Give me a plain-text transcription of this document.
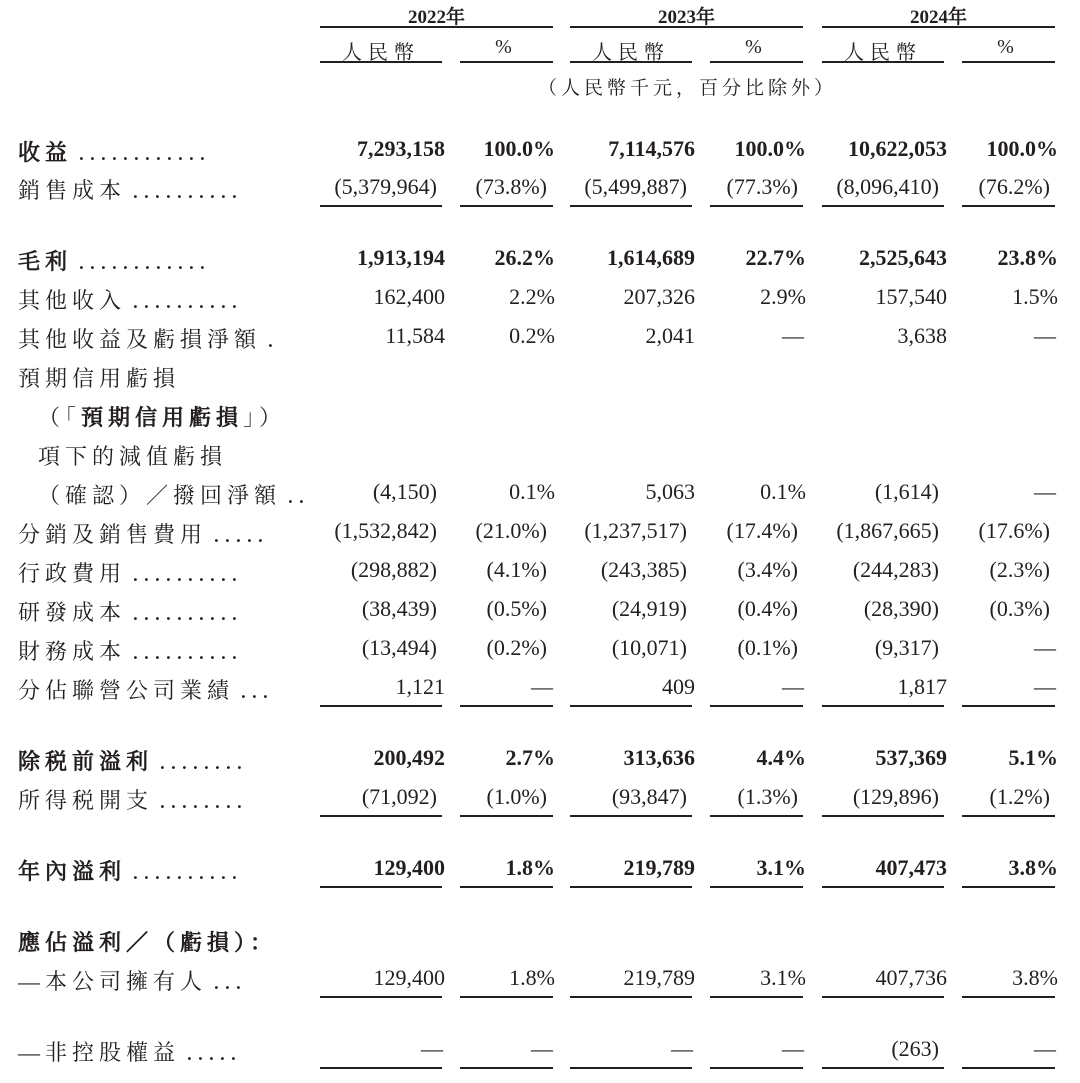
2022年	2023年	2024年
人民幣	%	人民幣	%	人民幣	%
（人民幣千元，百分比除外）
收益 ．．．．．．．．．．．．	7,293,158 100.0% 7,114,576 100.0% 10,622,053 100.0%
銷售成本 ．．．．．．．．．．	(5,379,964) (73.8%) (5,499,887) (77.3%) (8,096,410) (76.2%)
毛利 ．．．．．．．．．．．．	1,913,194 26.2% 1,614,689 22.7% 2,525,643 23.8%
其他收入 ．．．．．．．．．．	162,400	2.2%	207,326	2.9%	157,540	1.5%
其他收益及虧損淨額 ．	11,584	0.2%	2,041	—	3,638	—
預期信用虧損
（「預期信用虧損」）
項下的減值虧損
（確認）／撥回淨額 ．． (4,150)	0.1%	5,063	0.1%	(1,614)	—
分銷及銷售費用 ．．．．．	(1,532,842) (21.0%) (1,237,517) (17.4%) (1,867,665) (17.6%)
行政費用 ．．．．．．．．．．	(298,882) (4.1%) (243,385) (3.4%) (244,283) (2.3%)
研發成本 ．．．．．．．．．．	(38,439) (0.5%)	(24,919) (0.4%)	(28,390) (0.3%)
財務成本 ．．．．．．．．．．	(13,494) (0.2%)	(10,071) (0.1%)	(9,317)	—
分佔聯營公司業績 ．．．	1,121	—	409	—	1,817	—
除税前溢利 ．．．．．．．．	200,492	2.7%	313,636	4.4%	537,369	5.1%
所得税開支 ．．．．．．．．	(71,092) (1.0%)	(93,847) (1.3%) (129,896) (1.2%)
年內溢利 ．．．．．．．．．．	129,400	1.8%	219,789	3.1%	407,473	3.8%
應佔溢利／（虧損）：
—本公司擁有人 ．．．	129,400	1.8%	219,789	3.1%	407,736	3.8%
—非控股權益 ．．．．．	—	—	—	—	(263)	—
